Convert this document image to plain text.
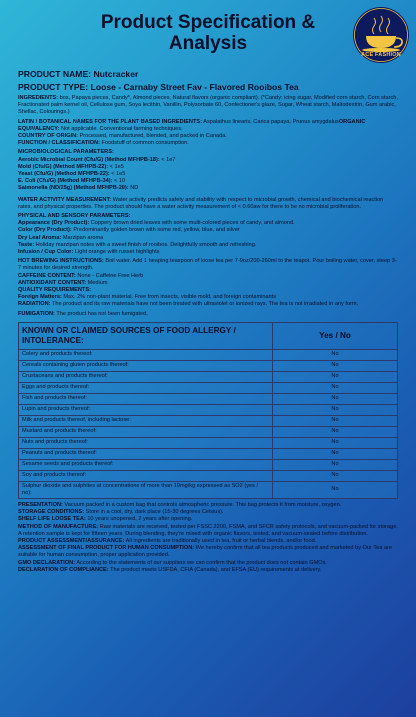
Product Specification &
Analysis
ACE FASHION
PRODUCT NAME: Nutcracker
PRODUCT TYPE: Loose - Carnaby Street Fav - Flavored Rooibos Tea
INGREDIENTS: bos, Papaya pieces, Candy*, Almond pieces, Natural flavors (organic compliant). (*Candy: icing sugar, Modified corn starch, Corn starch, Fractionated palm kernel oil, Cellulose gum, Soya lecithin, Vanillin, Polysorbate 60, Confectioner's glaze, Sugar, Wheat starch, Maltodextrin, Gum arabic, Shellac, Colourings.)
LATIN / BOTANICAL NAMES FOR THE PLANT BASED INGREDIENTS: Aspalathus linearis, Carica papaya, Prunus amygdalusORGANIC EQUIVALENCY: Not applicable. Conventional farming techniques.
COUNTRY OF ORIGIN: Processed, manufactured, blended, and packed in Canada.
FUNCTION / CLASSIFICATION: Foodstuff of common consumption.
MICROBIOLOGICAL PARAMETERS:
Aerobic Microbial Count (Cfu/G) (Method MFHPB-18): < 1e7
Mold (Cfu/G) (Method MFHPB-22): < 1e5
Yeast (Cfu/G) (Method MFHPB-22): < 1e5
E. Coli (Cfu/G) (Method MFHPB-34): < 10
Salmonella (ND/25g) (Method MFHPB-20): ND
WATER ACTIVITY MEASUREMENT: Water activity predicts safety and stability with respect to microbial growth, chemical and biochemical reaction rates, and physical properties. The product should have a water activity measurement of < 0.60aw for there to be no microbial proliferation.
PHYSICAL AND SENSORY PARAMETERS:
Appearance (Dry Product): Coppery brown dried leaves with some multi-colored pieces of candy, and almond.
Color (Dry Product): Predominantly golden brown with some red, yellow, blue, and silver
Dry Leaf Aroma: Marzipan aroma
Taste: Holiday marzipan notes with a sweet finish of rooibos. Delightfully smooth and refreshing.
Infusion / Cup Color: Light orange with russet highlights
HOT BREWING INSTRUCTIONS: Boil water. Add 1 heaping teaspoon of loose tea per 7-9oz/200-260ml to the teapot. Pour boiling water, cover, steep 3-7 minutes for desired strength.
CAFFEINE CONTENT: None - Caffeine Free Herb
ANTIOXIDANT CONTENT: Medium
QUALITY REQUIREMENTS:
Foreign Matters: Max. 2% non-plant material. Free from insects, visible mold, and foreign contaminants
RADIATION: The product and its raw materials have not been treated with ultraviolet or ionized rays. The tea is not irradiated in any form.
FUMIGATION: The product has not been fumigated.
KNOWN OR CLAIMED SOURCES OF FOOD ALLERGY / INTOLERANCE:	Yes / No
Celery and products thereof:	No
Cereals containing gluten products thereof:	No
Crustaceans and products thereof:	No
Eggs and products thereof:	No
Fish and products thereof:	No
Lupin and products thereof:	No
Milk and products thereof, including lactose:	No
Mustard and products thereof:	No
Nuts and products thereof:	No
Peanuts and products thereof:	No
Sesame seeds and products thereof:	No
Soy and products thereof:	No
Sulphur dioxide and sulphites at concentrations of more than 10mg/kg expressed as SO2 (yes / no):	No
PRESENTATION: Vacuum packed in a custom bag that controls atmospheric pressure. This bag protects it from moisture, oxygen.
STORAGE CONDITIONS: Store in a cool, dry, dark place (15-30 degrees Celsius).
SHELF LIFE LOOSE TEA: 10 years unopened, 2 years after opening.
METHOD OF MANUFACTURE: Raw materials are received, tested per FSSC 2200, FSMA, and SFCR safety protocols, and vacuum-packed for storage. A retention sample is kept for fifteen years. During blending, they're mixed with organic flavors, tested, and vacuum-sealed before distribution.
PRODUCT ASSESSMENT/ASSURANCE: All ingredients are traditionally used in tea, fruit or herbal blends, and/or food.
ASSESSMENT OF FINAL PRODUCT FOR HUMAN CONSUMPTION: We hereby confirm that all tea products produced and marketed by Our Tea are suitable for human consumption, proper application provided.
GMO DECLARATION: According to the statements of our suppliers we can confirm that the product does not contain GMOs.
DECLARATION OF COMPLIANCE: The product meets USFDA, CFIA (Canada), and EFSA (EU) requirements at delivery.
